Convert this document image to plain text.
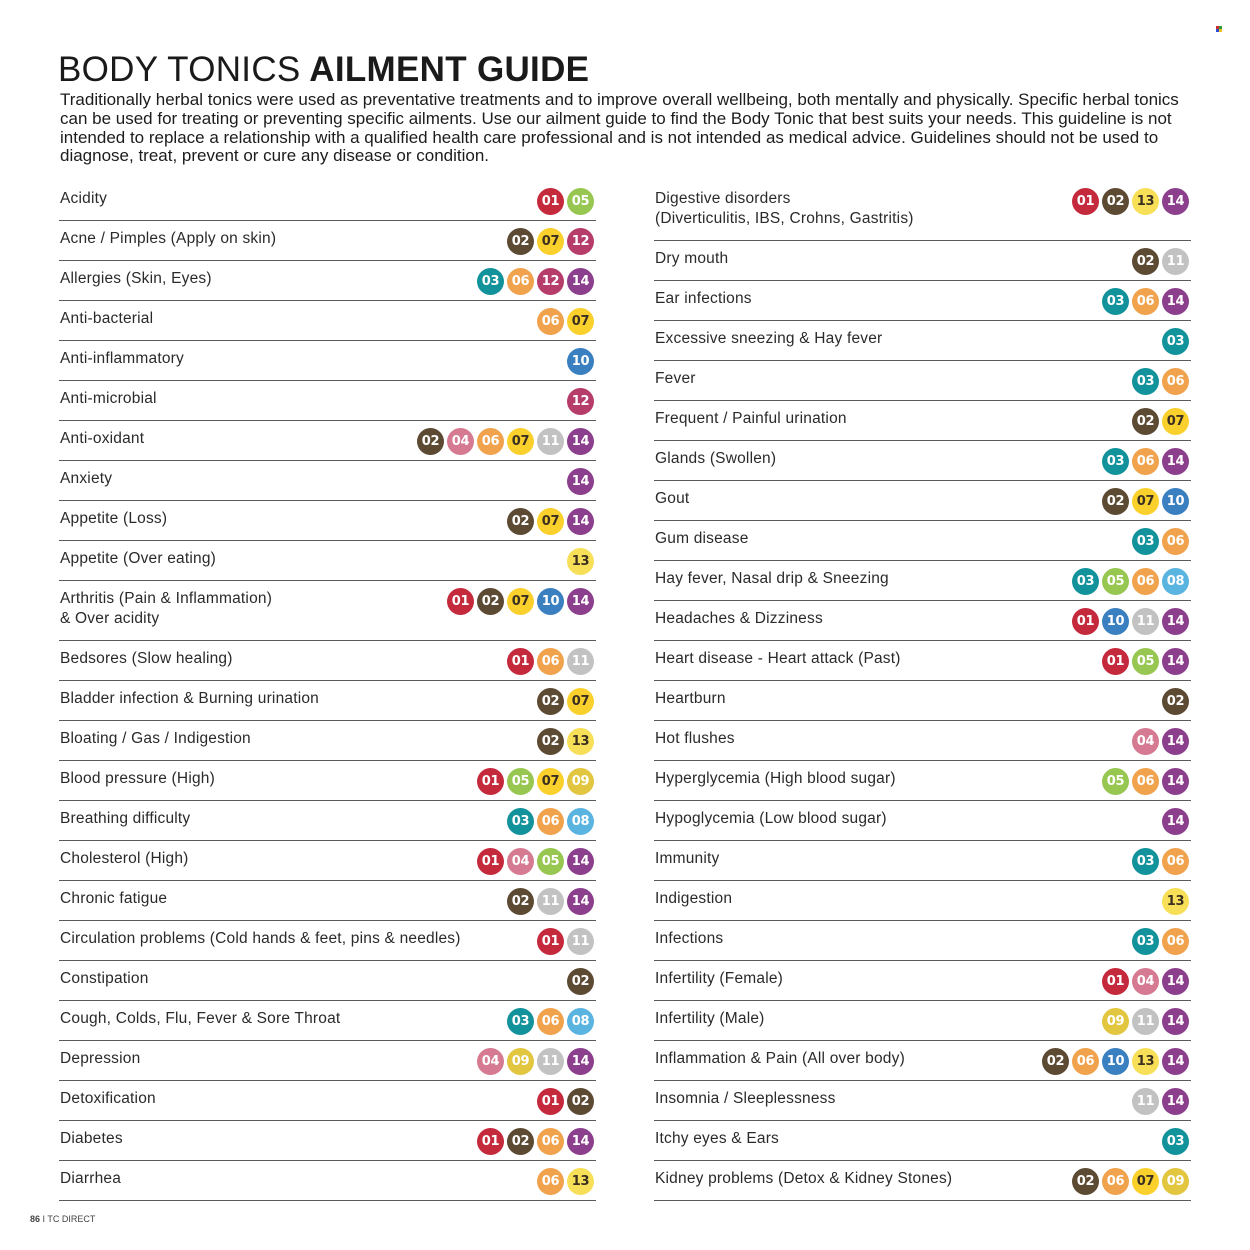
BODY TONICS AILMENT GUIDE

Traditionally herbal tonics were used as preventative treatments and to improve overall wellbeing, both mentally and physically. Specific herbal tonics can be used for treating or preventing specific ailments. Use our ailment guide to find the Body Tonic that best suits your needs. This guideline is not intended to replace a relationship with a qualified health care professional and is not intended as medical advice. Guidelines should not be used to diagnose, treat, prevent or cure any disease or condition.

Acidity	01 05
Acne / Pimples (Apply on skin)	02 07 12
Allergies (Skin, Eyes)	03 06 12 14
Anti-bacterial	06 07
Anti-inflammatory	10
Anti-microbial	12
Anti-oxidant	02 04 06 07 11 14
Anxiety	14
Appetite (Loss)	02 07 14
Appetite (Over eating)	13
Arthritis (Pain & Inflammation)
& Over acidity
01 02 07 10 14
Bedsores (Slow healing)	01 06 11
Bladder infection & Burning urination	02 07
Bloating / Gas / Indigestion	02 13
Blood pressure (High)	01 05 07 09
Breathing difficulty	03 06 08
Cholesterol (High)	01 04 05 14
Chronic fatigue	02 11 14
Circulation problems (Cold hands & feet, pins & needles)	01 11
Constipation	02
Cough, Colds, Flu, Fever & Sore Throat	03 06 08
Depression	04 09 11 14
Detoxification	01 02
Diabetes	01 02 06 14
Diarrhea	06 13
Digestive disorders
(Diverticulitis, IBS, Crohns, Gastritis)
01 02 13 14
Dry mouth	02 11
Ear infections	03 06 14
Excessive sneezing & Hay fever	03
Fever	03 06
Frequent / Painful urination	02 07
Glands (Swollen)	03 06 14
Gout	02 07 10
Gum disease	03 06
Hay fever, Nasal drip & Sneezing	03 05 06 08
Headaches & Dizziness	01 10 11 14
Heart disease - Heart attack (Past)	01 05 14
Heartburn	02
Hot flushes	04 14
Hyperglycemia (High blood sugar)	05 06 14
Hypoglycemia (Low blood sugar)	14
Immunity	03 06
Indigestion	13
Infections	03 06
Infertility (Female)	01 04 14
Infertility (Male)	09 11 14
Inflammation & Pain (All over body)	02 06 10 13 14
Insomnia / Sleeplessness	11 14
Itchy eyes & Ears	03
Kidney problems (Detox & Kidney Stones)	02 06 07 09
86 I TC DIRECT
